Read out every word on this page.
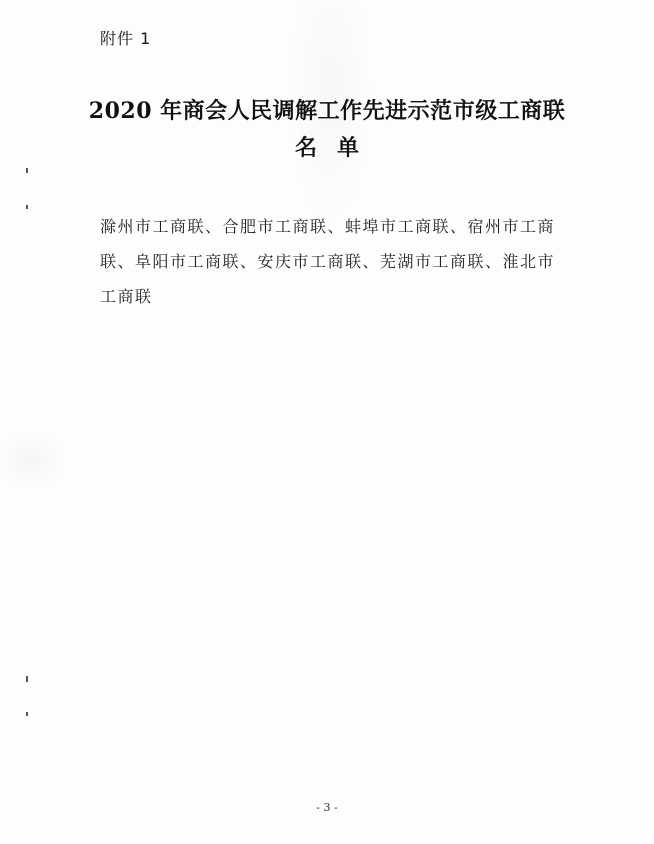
附件 1
2020 年商会人民调解工作先进示范市级工商联
名单
滁州市工商联、合肥市工商联、蚌埠市工商联、宿州市工商
联、阜阳市工商联、安庆市工商联、芜湖市工商联、淮北市
工商联
- 3 -
